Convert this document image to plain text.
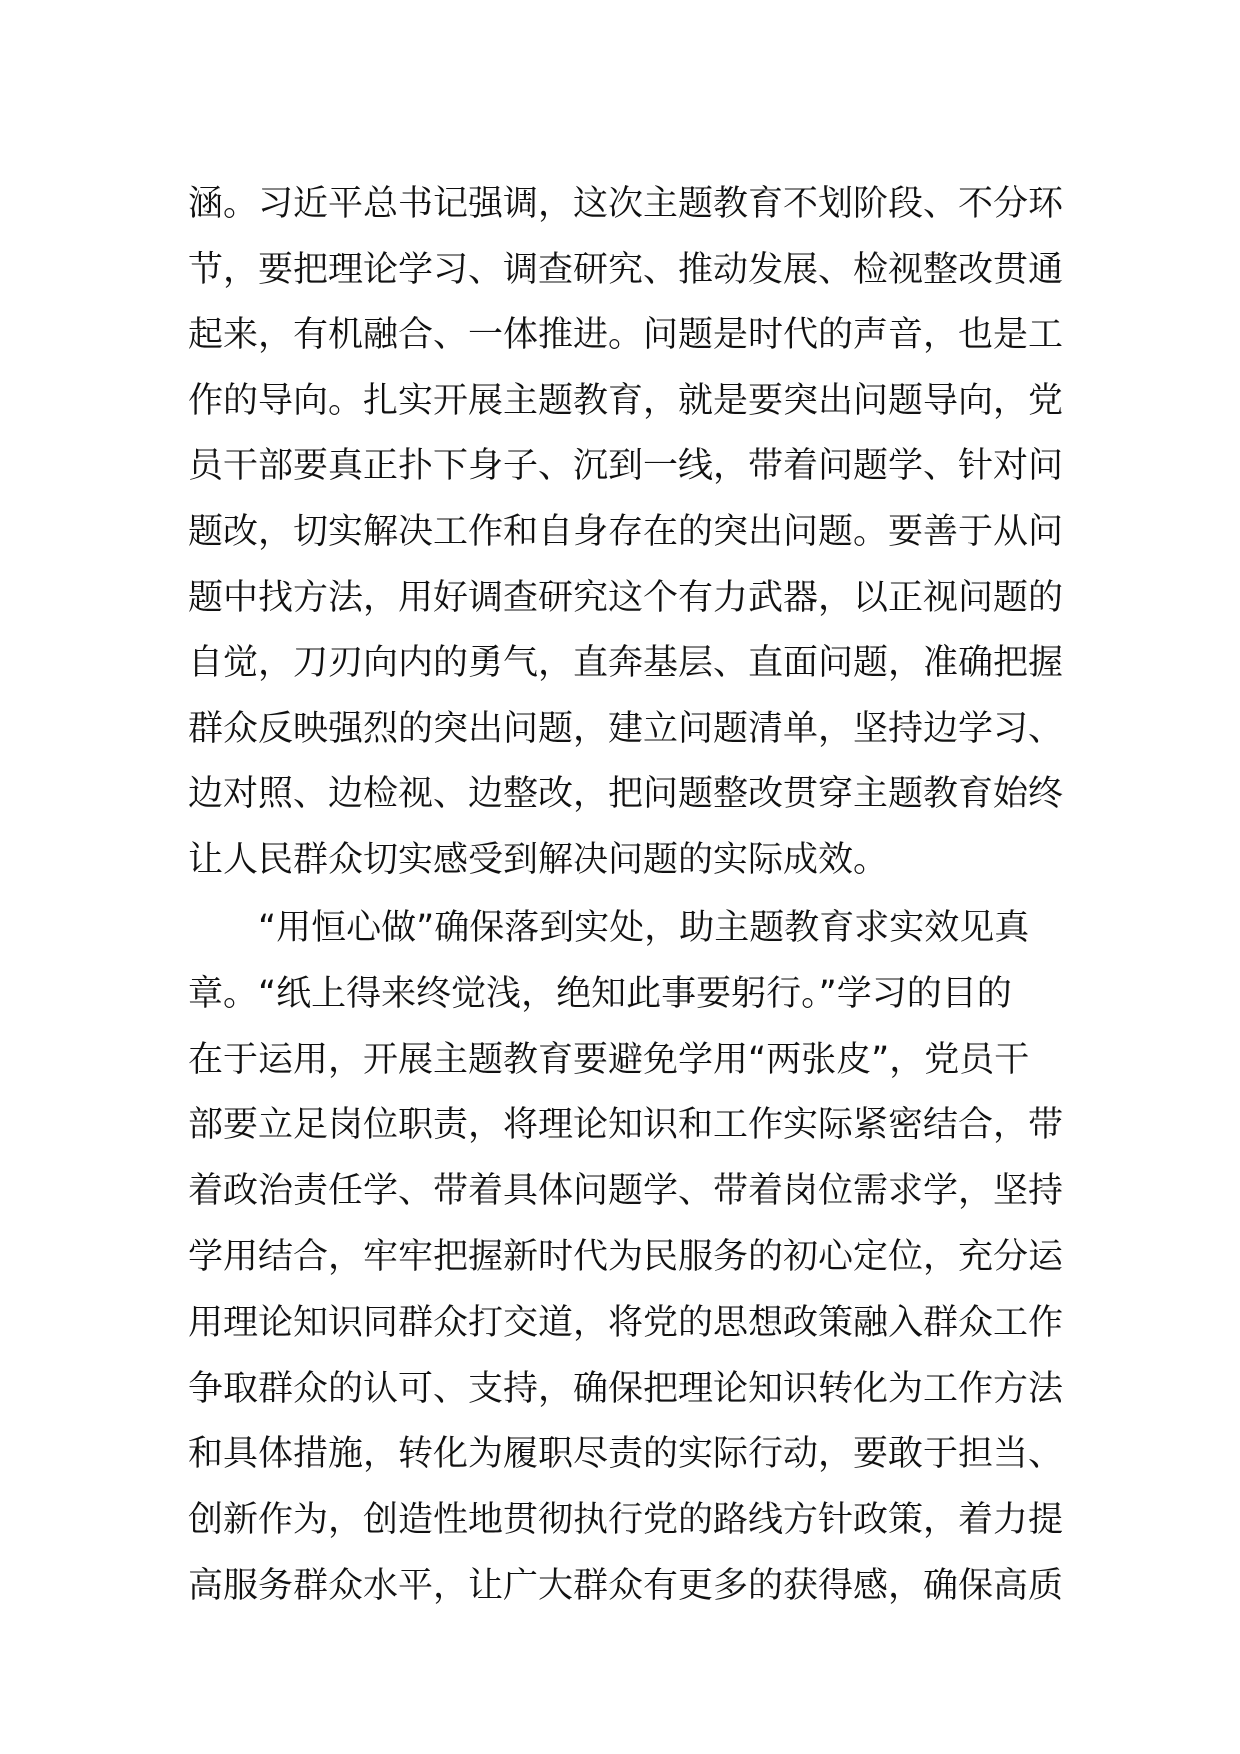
涵。习近平总书记强调，这次主题教育不划阶段、不分环
节，要把理论学习、调查研究、推动发展、检视整改贯通
起来，有机融合、一体推进。问题是时代的声音，也是工
作的导向。扎实开展主题教育，就是要突出问题导向，党
员干部要真正扑下身子、沉到一线，带着问题学、针对问
题改，切实解决工作和自身存在的突出问题。要善于从问
题中找方法，用好调查研究这个有力武器，以正视问题的
自觉，刀刃向内的勇气，直奔基层、直面问题，准确把握
群众反映强烈的突出问题，建立问题清单，坚持边学习、
边对照、边检视、边整改，把问题整改贯穿主题教育始终
让人民群众切实感受到解决问题的实际成效。
“用恒心做”确保落到实处，助主题教育求实效见真
章。“纸上得来终觉浅，绝知此事要躬行。”学习的目的
在于运用，开展主题教育要避免学用“两张皮”，党员干
部要立足岗位职责，将理论知识和工作实际紧密结合，带
着政治责任学、带着具体问题学、带着岗位需求学，坚持
学用结合，牢牢把握新时代为民服务的初心定位，充分运
用理论知识同群众打交道，将党的思想政策融入群众工作
争取群众的认可、支持，确保把理论知识转化为工作方法
和具体措施，转化为履职尽责的实际行动，要敢于担当、
创新作为，创造性地贯彻执行党的路线方针政策，着力提
高服务群众水平，让广大群众有更多的获得感，确保高质
